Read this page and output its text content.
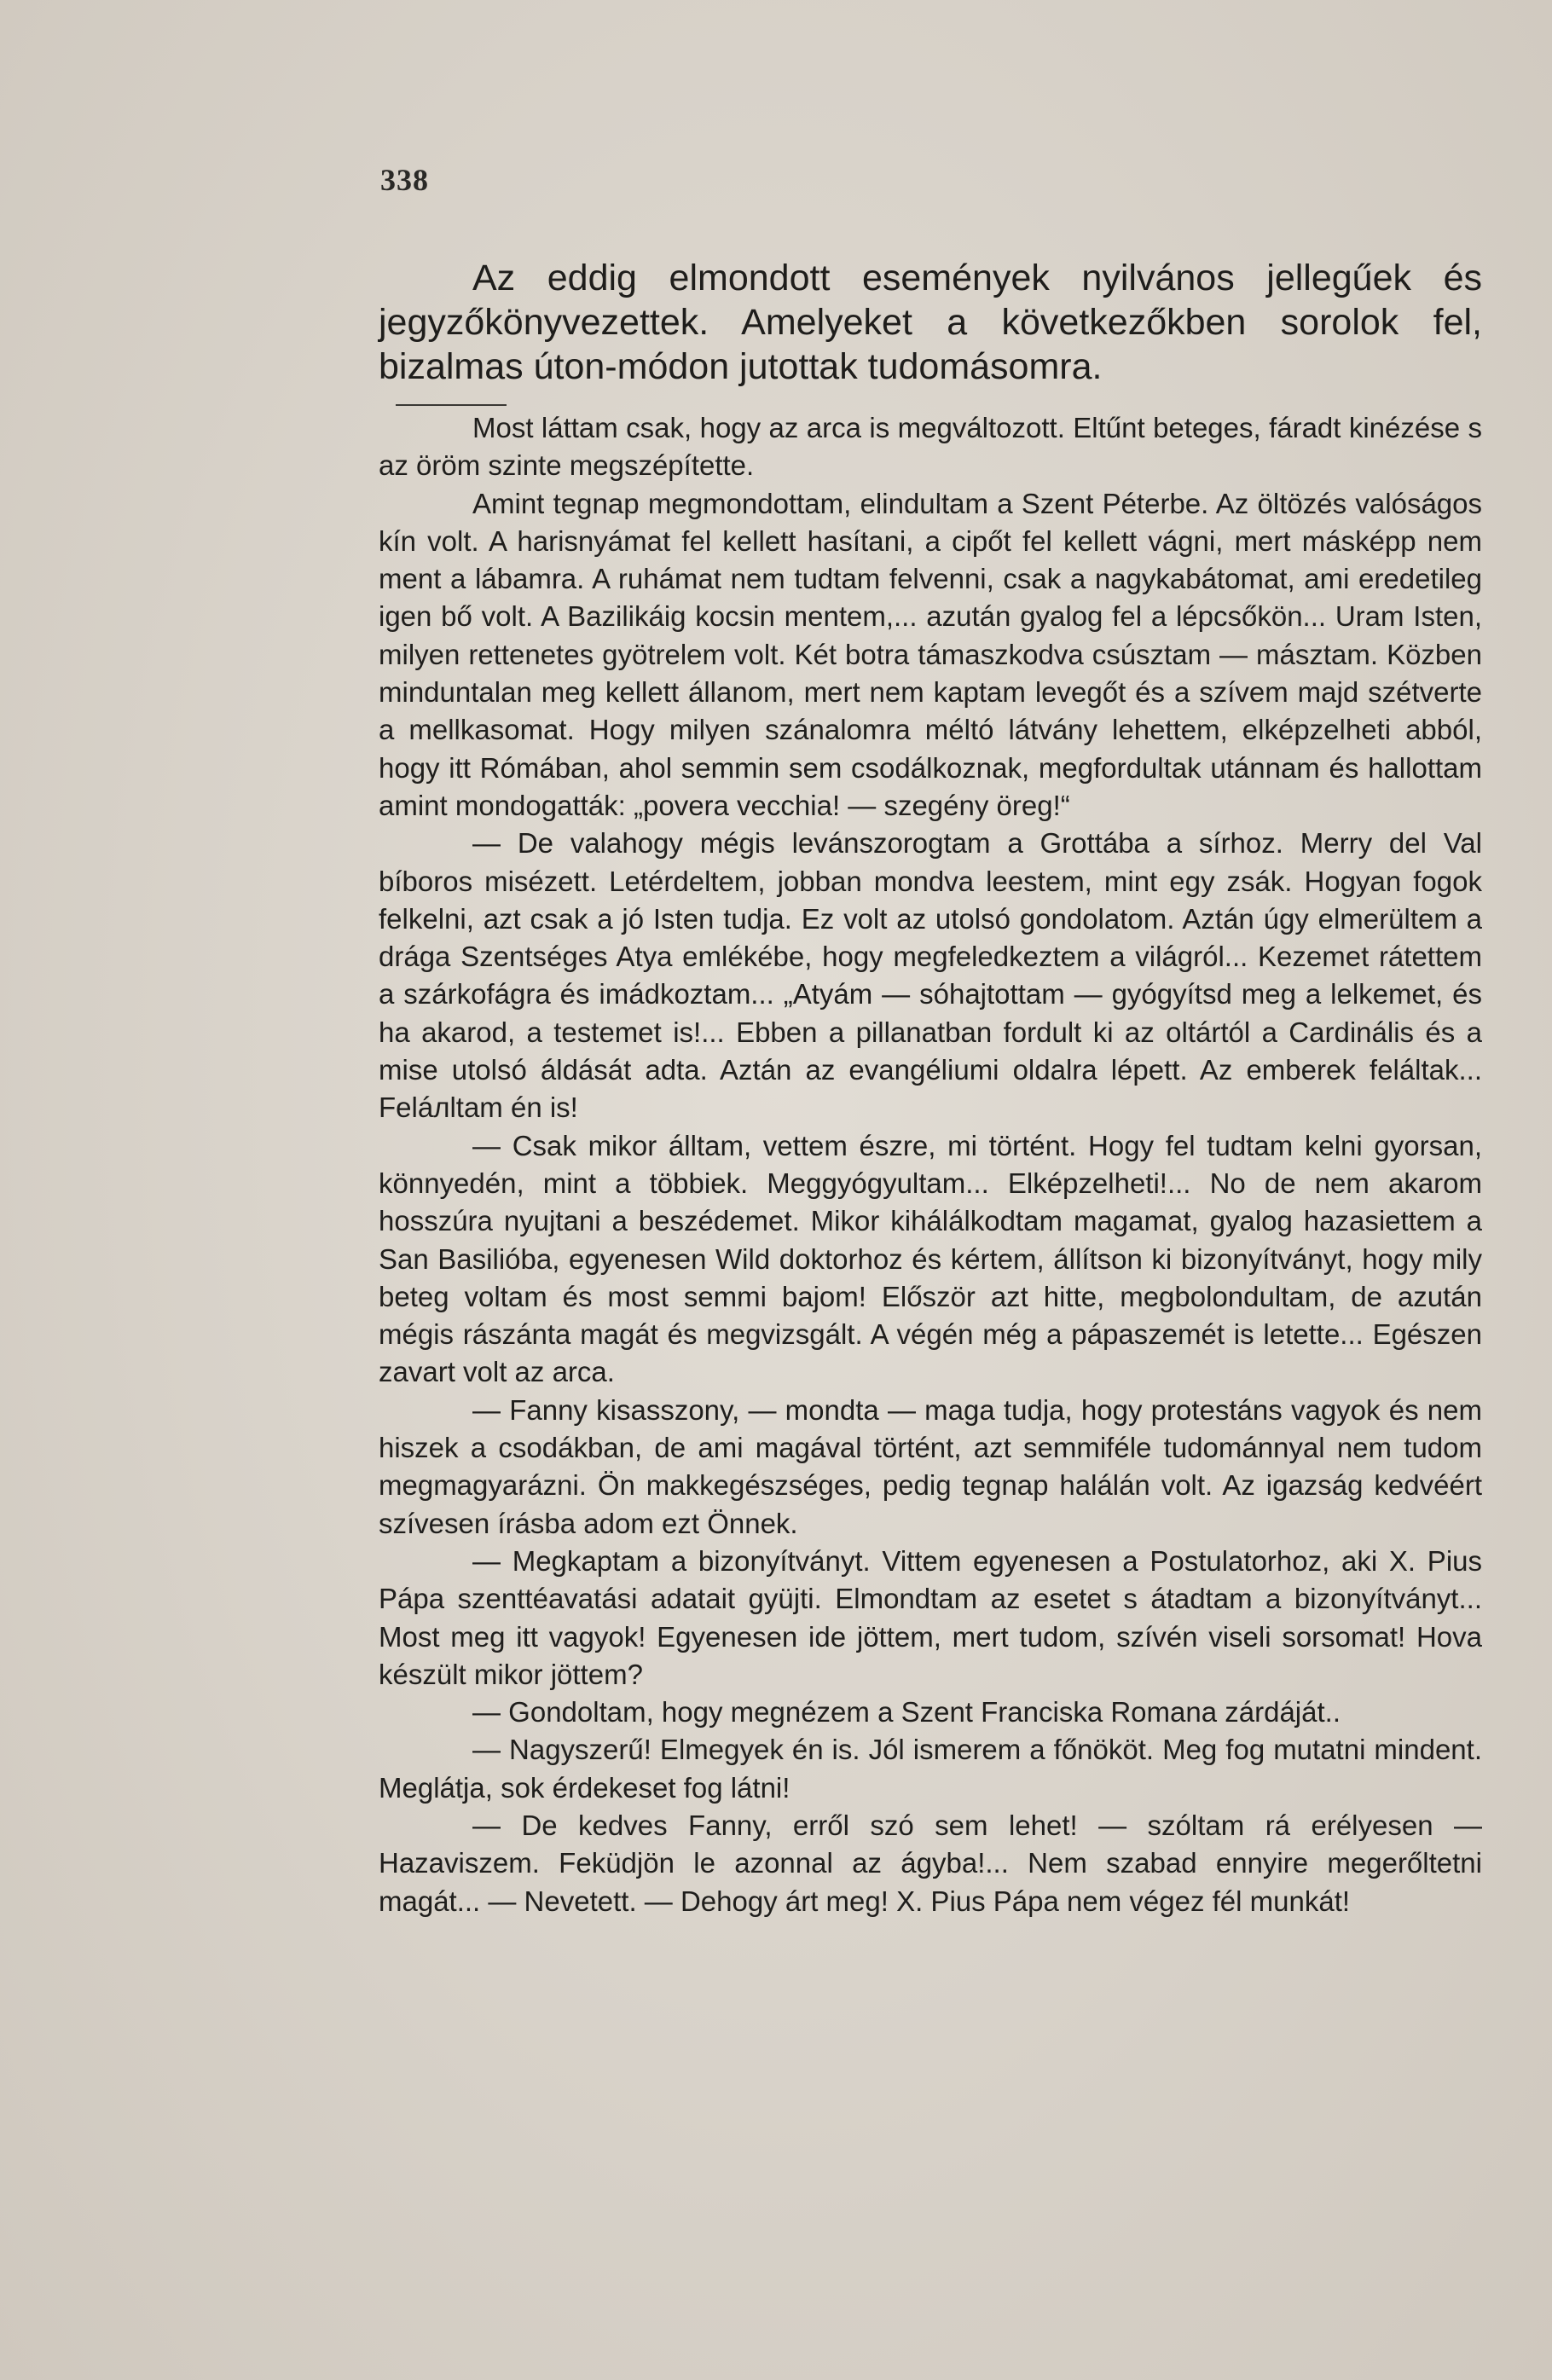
338

Az eddig elmondott események nyilvános jellegűek és jegyzőkönyvezettek. Amelyeket a következőkben sorolok fel, bizalmas úton-módon jutottak tudomásomra.

Most láttam csak, hogy az arca is megváltozott. Eltűnt beteges, fáradt kinézése s az öröm szinte megszépítette.

Amint tegnap megmondottam, elindultam a Szent Péterbe. Az öltözés valóságos kín volt. A harisnyámat fel kellett hasítani, a cipőt fel kellett vágni, mert másképp nem ment a lábamra. A ruhámat nem tudtam felvenni, csak a nagykabátomat, ami eredetileg igen bő volt. A Bazilikáig kocsin mentem,... azután gyalog fel a lépcsőkön... Uram Isten, milyen rettenetes gyötrelem volt. Két botra támaszkodva csúsztam — másztam. Közben minduntalan meg kellett állanom, mert nem kaptam levegőt és a szívem majd szétverte a mellkasomat. Hogy milyen szánalomra méltó látvány lehettem, elképzelheti abból, hogy itt Rómában, ahol semmin sem csodálkoznak, megfordultak utánnam és hallottam amint mondogatták: „povera vecchia! — szegény öreg!“

— De valahogy mégis levánszorogtam a Grottába a sírhoz. Merry del Val bíboros misézett. Letérdeltem, jobban mondva leestem, mint egy zsák. Hogyan fogok felkelni, azt csak a jó Isten tudja. Ez volt az utolsó gondolatom. Aztán úgy elmerültem a drága Szentséges Atya emlékébe, hogy megfeledkeztem a világról... Kezemet rátettem a szárkofágra és imádkoztam... „Atyám — sóhajtottam — gyógyítsd meg a lelkemet, és ha akarod, a testemet is!... Ebben a pillanatban fordult ki az oltártól a Cardinális és a mise utolsó áldását adta. Aztán az evangéliumi oldalra lépett. Az emberek feláltak... Feláлltam én is!

— Csak mikor álltam, vettem észre, mi történt. Hogy fel tudtam kelni gyorsan, könnyedén, mint a többiek. Meggyógyultam... Elképzelheti!... No de nem akarom hosszúra nyujtani a beszédemet. Mikor kihálálkodtam magamat, gyalog hazasiettem a San Basilióba, egyenesen Wild doktorhoz és kértem, állítson ki bizonyítványt, hogy mily beteg voltam és most semmi bajom! Először azt hitte, megbolondultam, de azután mégis rászánta magát és megvizsgált. A végén még a pápaszemét is letette... Egészen zavart volt az arca.

— Fanny kisasszony, — mondta — maga tudja, hogy protestáns vagyok és nem hiszek a csodákban, de ami magával történt, azt semmiféle tudománnyal nem tudom megmagyarázni. Ön makkegészséges, pedig tegnap halálán volt. Az igazság kedvéért szívesen írásba adom ezt Önnek.

— Megkaptam a bizonyítványt. Vittem egyenesen a Postulatorhoz, aki X. Pius Pápa szenttéavatási adatait gyüjti. Elmondtam az esetet s átadtam a bizonyítványt... Most meg itt vagyok! Egyenesen ide jöttem, mert tudom, szívén viseli sorsomat! Hova készült mikor jöttem?

— Gondoltam, hogy megnézem a Szent Franciska Romana zárdáját..

— Nagyszerű! Elmegyek én is. Jól ismerem a főnököt. Meg fog mutatni mindent. Meglátja, sok érdekeset fog látni!

— De kedves Fanny, erről szó sem lehet! — szóltam rá erélyesen — Hazaviszem. Feküdjön le azonnal az ágyba!... Nem szabad ennyire megerőltetni magát... — Nevetett. — Dehogy árt meg! X. Pius Pápa nem végez fél munkát!
